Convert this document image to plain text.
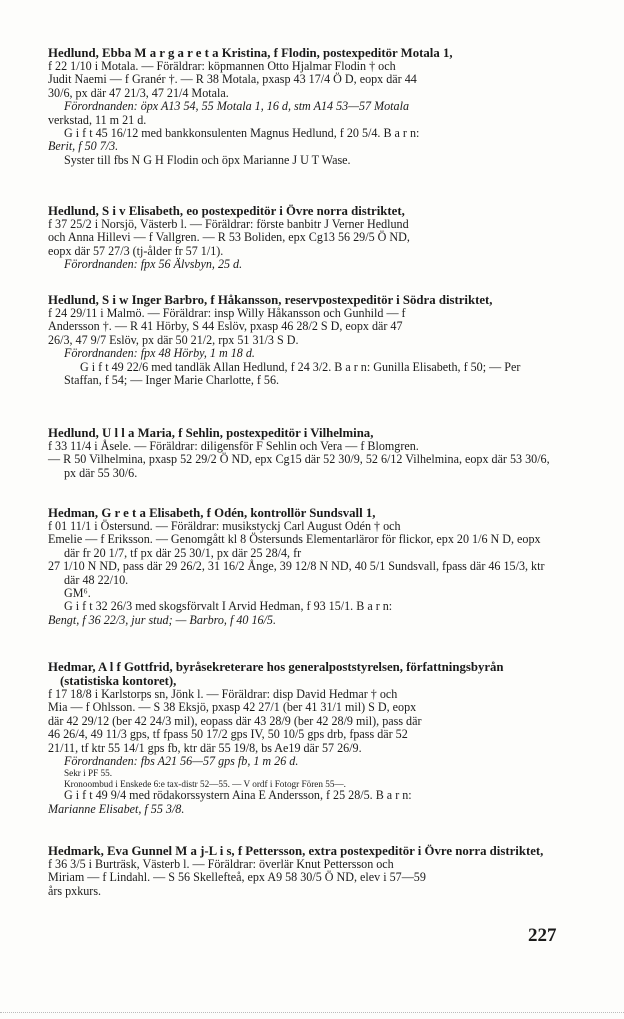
Hedlund, Ebba M a r g a r e t a Kristina, f Flodin, postexpeditör Motala 1,

f 22 1/10 i Motala. — Föräldrar: köpmannen Otto Hjalmar Flodin † och

Judit Naemi — f Granér †. — R 38 Motala, pxasp 43 17/4 Ö D, eopx där 44

30/6, px där 47 21/3, 47 21/4 Motala.

Förordnanden: öpx A13 54, 55 Motala 1, 16 d, stm A14 53—57 Motala

verkstad, 11 m 21 d.

G i f t 45 16/12 med bankkonsulenten Magnus Hedlund, f 20 5/4. B a r n:

Berit, f 50 7/3.

Syster till fbs N G H Flodin och öpx Marianne J U T Wase.

Hedlund, S i v Elisabeth, eo postexpeditör i Övre norra distriktet,

f 37 25/2 i Norsjö, Västerb l. — Föräldrar: förste banbitr J Verner Hedlund

och Anna Hillevi — f Vallgren. — R 53 Boliden, epx Cg13 56 29/5 Ö ND,

eopx där 57 27/3 (tj-ålder fr 57 1/1).

Förordnanden: fpx 56 Älvsbyn, 25 d.

Hedlund, S i w Inger Barbro, f Håkansson, reservpostexpeditör i Södra distriktet,

f 24 29/11 i Malmö. — Föräldrar: insp Willy Håkansson och Gunhild — f

Andersson †. — R 41 Hörby, S 44 Eslöv, pxasp 46 28/2 S D, eopx där 47

26/3, 47 9/7 Eslöv, px där 50 21/2, rpx 51 31/3 S D.

Förordnanden: fpx 48 Hörby, 1 m 18 d.

G i f t 49 22/6 med tandläk Allan Hedlund, f 24 3/2. B a r n: Gunilla Elisabeth, f 50; — Per Staffan, f 54; — Inger Marie Charlotte, f 56.

Hedlund, U l l a Maria, f Sehlin, postexpeditör i Vilhelmina,

f 33 11/4 i Åsele. — Föräldrar: diligensför F Sehlin och Vera — f Blomgren.

— R 50 Vilhelmina, pxasp 52 29/2 Ö ND, epx Cg15 där 52 30/9, 52 6/12 Vilhelmina, eopx där 53 30/6, px där 55 30/6.

Hedman, G r e t a Elisabeth, f Odén, kontrollör Sundsvall 1,

f 01 11/1 i Östersund. — Föräldrar: musikstyckj Carl August Odén † och

Emelie — f Eriksson. — Genomgått kl 8 Östersunds Elementarläror för flickor, epx 20 1/6 N D, eopx där fr 20 1/7, tf px där 25 30/1, px där 25 28/4, fr

27 1/10 N ND, pass där 29 26/2, 31 16/2 Ånge, 39 12/8 N ND, 40 5/1 Sundsvall, fpass där 46 15/3, ktr där 48 22/10.

GM⁶.

G i f t 32 26/3 med skogsförvalt I Arvid Hedman, f 93 15/1. B a r n:

Bengt, f 36 22/3, jur stud; — Barbro, f 40 16/5.

Hedmar, A l f Gottfrid, byråsekreterare hos generalpoststyrelsen, författningsbyrån (statistiska kontoret),

f 17 18/8 i Karlstorps sn, Jönk l. — Föräldrar: disp David Hedmar † och

Mia — f Ohlsson. — S 38 Eksjö, pxasp 42 27/1 (ber 41 31/1 mil) S D, eopx

där 42 29/12 (ber 42 24/3 mil), eopass där 43 28/9 (ber 42 28/9 mil), pass där

46 26/4, 49 11/3 gps, tf fpass 50 17/2 gps IV, 50 10/5 gps drb, fpass där 52

21/11, tf ktr 55 14/1 gps fb, ktr där 55 19/8, bs Ae19 där 57 26/9.

Förordnanden: fbs A21 56—57 gps fb, 1 m 26 d.

Sekr i PF 55.

Kronoombud i Enskede 6:e tax-distr 52—55. — V ordf i Fotogr Fören 55—.

G i f t 49 9/4 med rödakorssystern Aina E Andersson, f 25 28/5. B a r n:

Marianne Elisabet, f 55 3/8.

Hedmark, Eva Gunnel M a j-L i s, f Pettersson, extra postexpeditör i Övre norra distriktet,

f 36 3/5 i Burträsk, Västerb l. — Föräldrar: överlär Knut Pettersson och

Miriam — f Lindahl. — S 56 Skellefteå, epx A9 58 30/5 Ö ND, elev i 57—59

års pxkurs.

227
